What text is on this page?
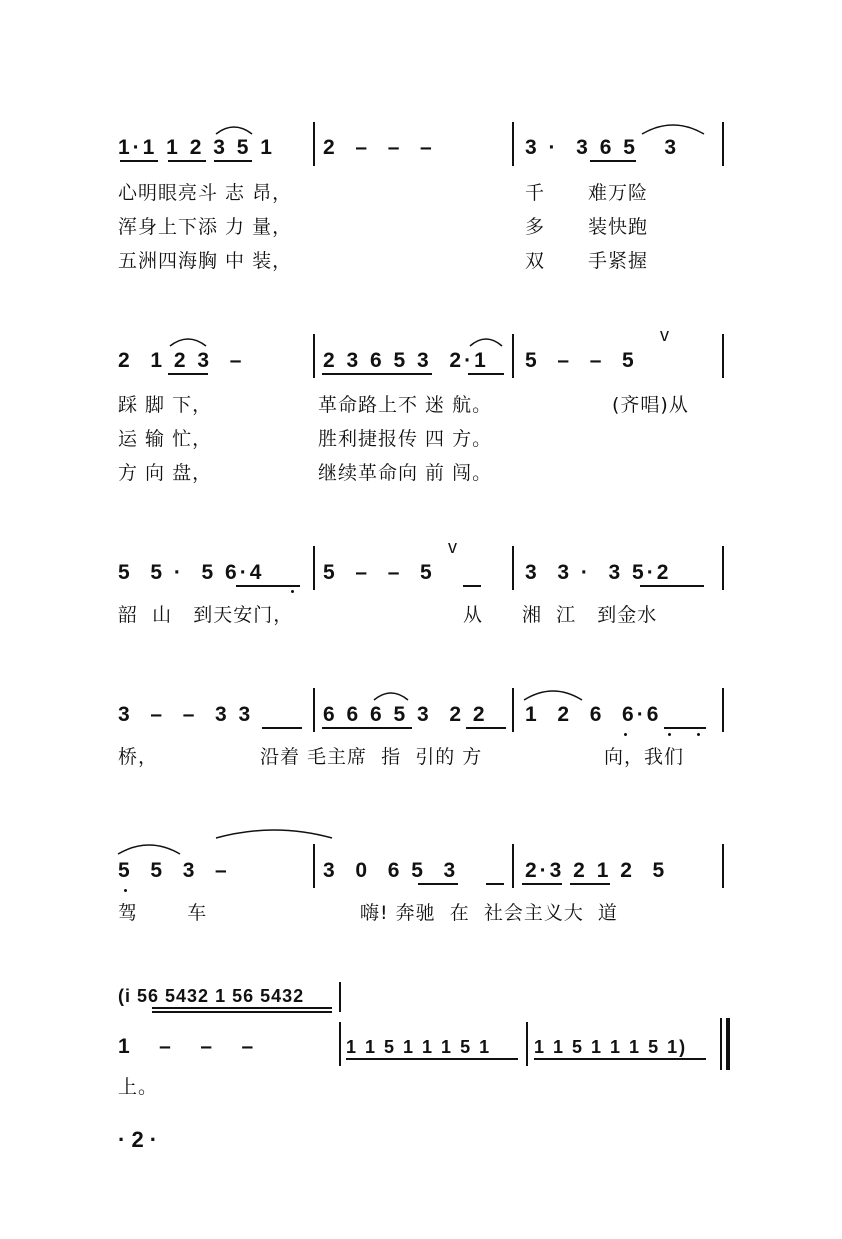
1·1 1 2 3 5 1 2  –  –  –	3 ·  3 6 5   3
心明眼亮斗 志 昂，	千 难万险
浑身上下添 力 量，	多 装快跑
五洲四海胸 中 装，	双 手紧握
2  1 2 3  –	2 3 6 5 3  2·1 5  –  –  5
v
踩 脚 下，	革命路上不 迷 航。	(齐唱)从
运 输 忙，	胜利捷报传 四 方。
方 向 盘，	继续革命向 前 闯。
5  5 ·  5 6·4	5  –  –  5	3  3 ·  3 5·2
v
韶  山   到天安门，	从 湘  江   到金水
3  –  –  3 3	6 6 6 5 3  2 2 1  2  6  6·6
桥，	沿着 毛主席  指  引的 方	向，我们
5  5  3  –	3  0  6 5  3	2·3 2 1 2  5
驾       车	嗨! 奔驰  在  社会主义大  道
(i 56 5432 1 56 5432
1   –   –   –	1 1 5 1 1 1 5 1 1 1 5 1 1 1 5 1)
上。
· 2 ·
